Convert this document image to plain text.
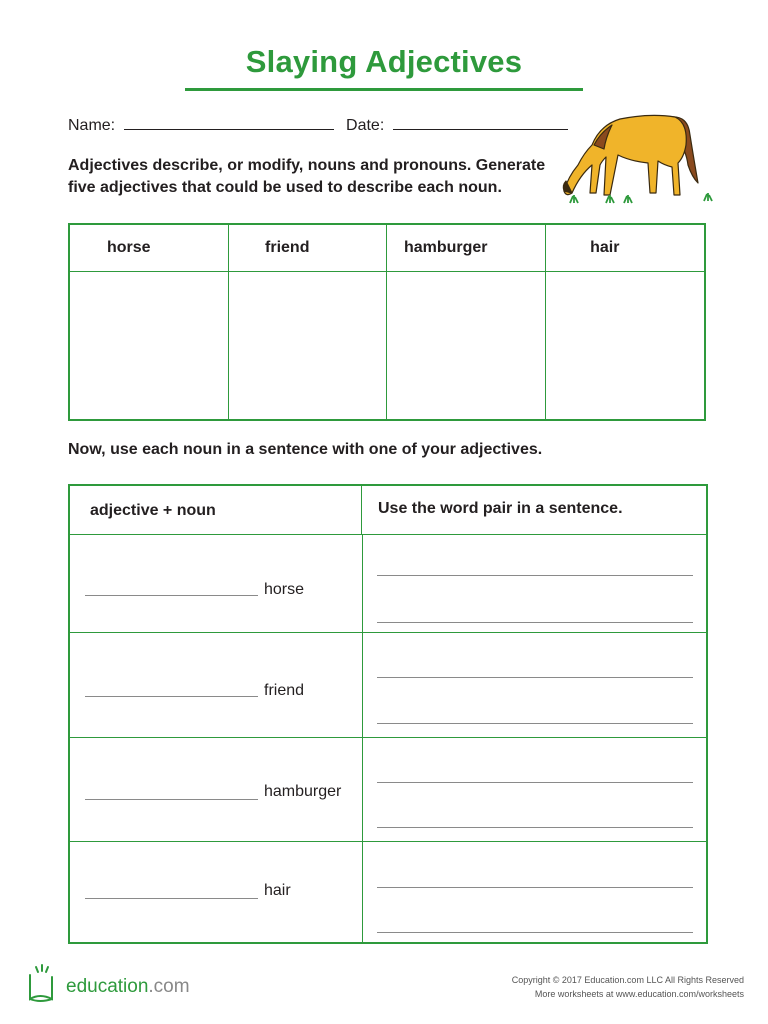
Slaying Adjectives
Name:	Date:
Adjectives describe, or modify, nouns and pronouns. Generate five adjectives that could be used to describe each noun.
horse	friend	hamburger	hair
Now, use each noun in a sentence with one of your adjectives.
adjective + noun	Use the word pair in a sentence.
horse
friend
hamburger
hair
education.com	Copyright © 2017 Education.com LLC All Rights Reserved
More worksheets at www.education.com/worksheets
